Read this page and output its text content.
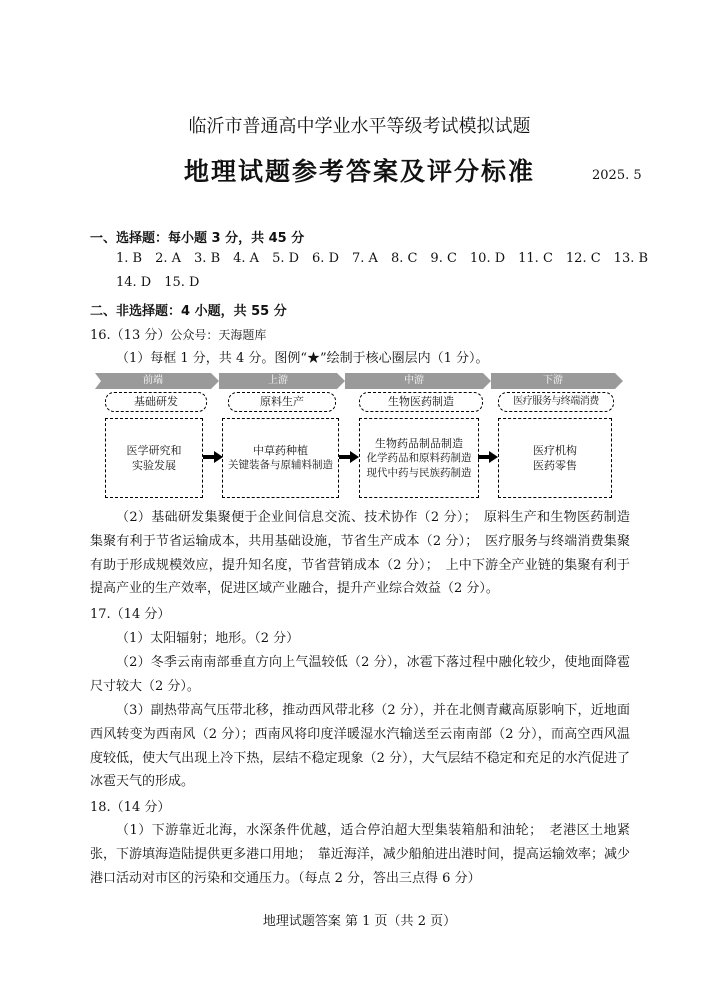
临沂市普通高中学业水平等级考试模拟试题
地理试题参考答案及评分标准	2025. 5
一、选择题：每小题 3 分，共 45 分
1. B 2. A 3. B 4. A 5. D 6. D 7. A 8. C 9. C 10. D 11. C 12. C 13. B
14. D 15. D
二、非选择题：4 小题，共 55 分
16.（13 分）公众号：天海题库
（1）每框 1 分，共 4 分。图例“★”绘制于核心圈层内（1 分）。
前端	上游	中游	下游
基础研发	原料生产	生物医药制造	医疗服务与终端消费
医学研究和
实验发展
中草药种植
关键装备与原辅料制造
生物药品制品制造
化学药品和原料药制造
现代中药与民族药制造
医疗机构
医药零售
（2）基础研发集聚便于企业间信息交流、技术协作（2 分）；　原料生产和生物医药制造集聚有利于节省运输成本，共用基础设施，节省生产成本（2 分）；　医疗服务与终端消费集聚有助于形成规模效应，提升知名度，节省营销成本（2 分）；　上中下游全产业链的集聚有利于提高产业的生产效率，促进区域产业融合，提升产业综合效益（2 分）。
17.（14 分）
（1）太阳辐射；地形。（2 分）
（2）冬季云南南部垂直方向上气温较低（2 分），冰雹下落过程中融化较少，使地面降雹尺寸较大（2 分）。
（3）副热带高气压带北移，推动西风带北移（2 分），并在北侧青藏高原影响下，近地面西风转变为西南风（2 分）；西南风将印度洋暖湿水汽输送至云南南部（2 分），而高空西风温度较低，使大气出现上冷下热，层结不稳定现象（2 分），大气层结不稳定和充足的水汽促进了冰雹天气的形成。
18.（14 分）
（1）下游靠近北海，水深条件优越，适合停泊超大型集装箱船和油轮；　老港区土地紧张，下游填海造陆提供更多港口用地；　靠近海洋，减少船舶进出港时间，提高运输效率；减少港口活动对市区的污染和交通压力。（每点 2 分，答出三点得 6 分）
地理试题答案 第 1 页（共 2 页）
